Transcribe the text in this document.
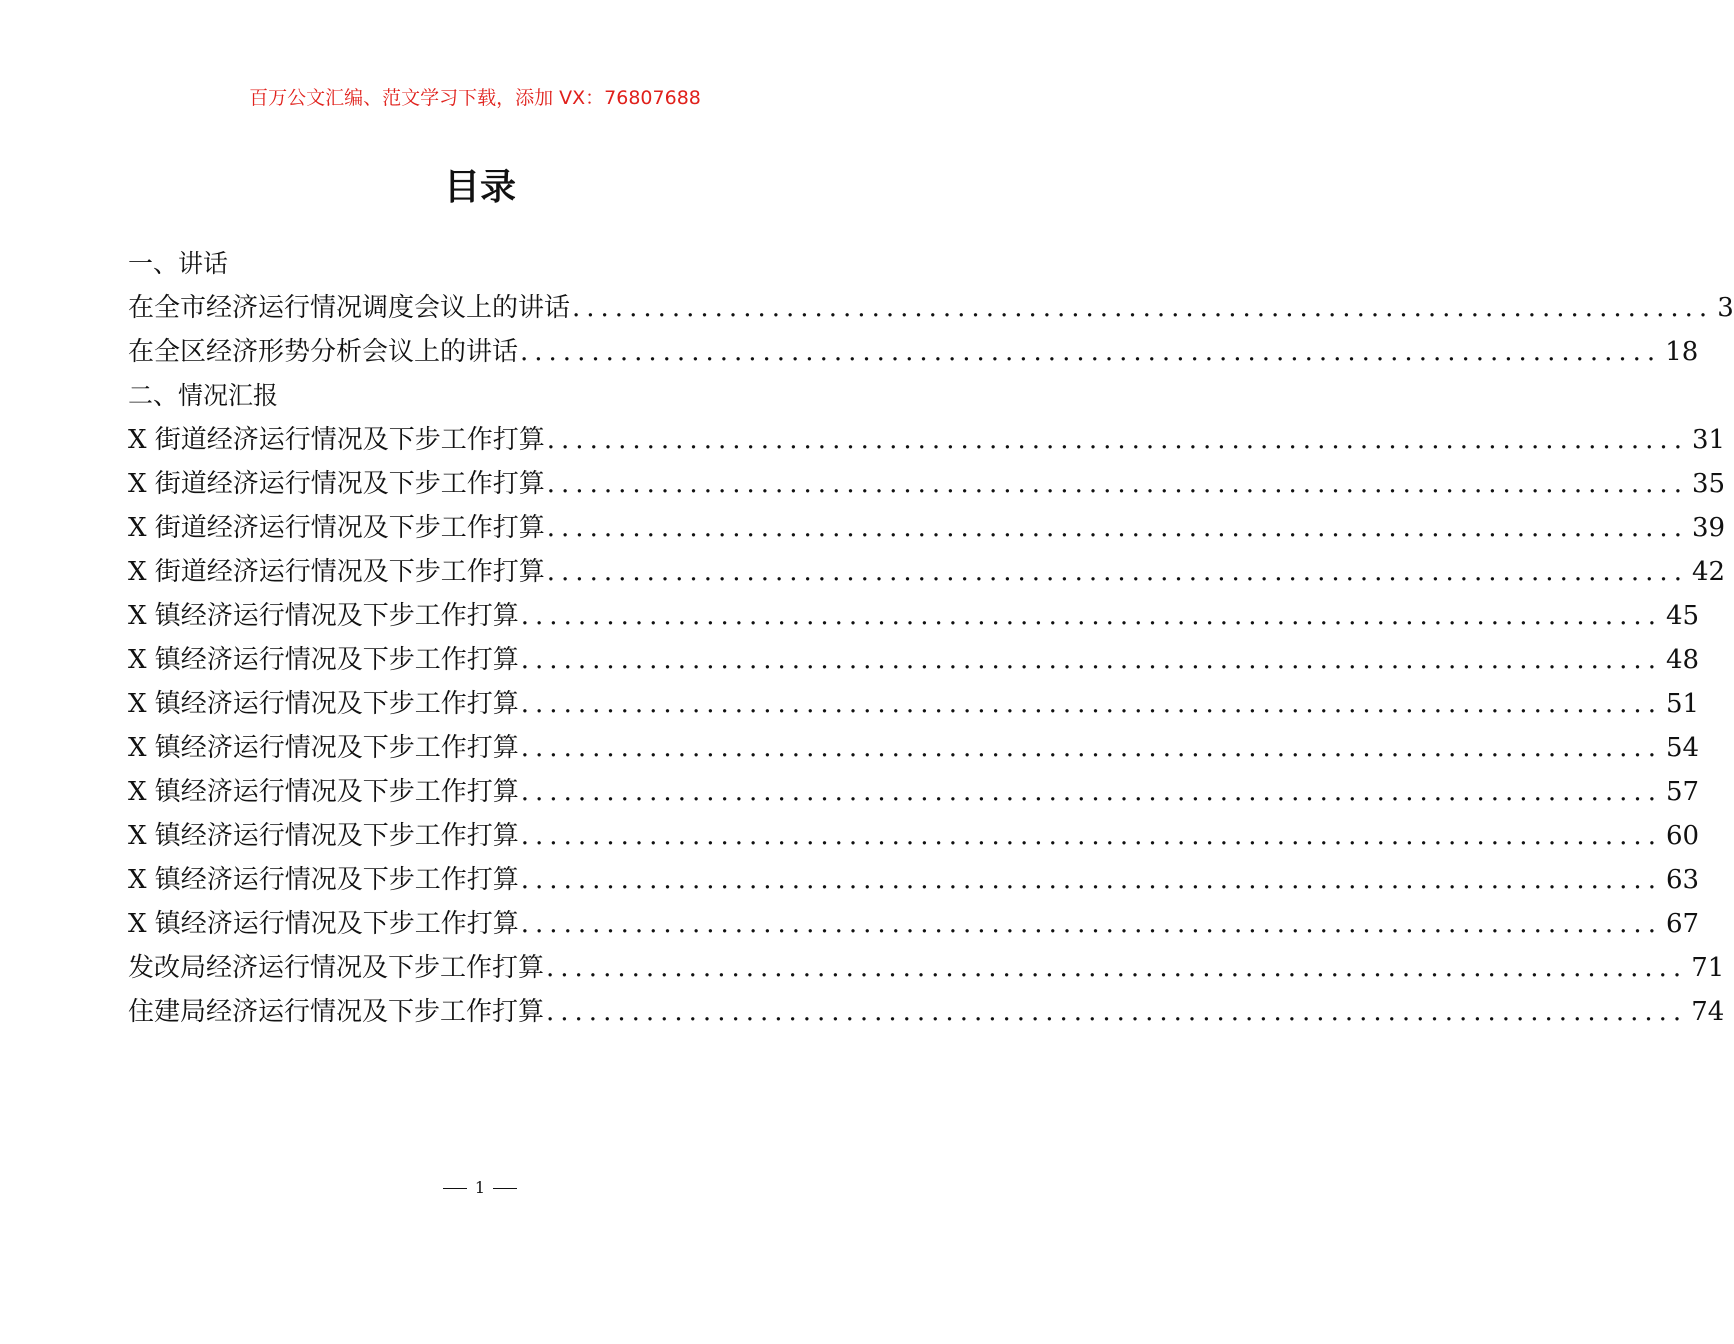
百万公文汇编、范文学习下载，添加 VX：76807688
目录
一、讲话
在全市经济运行情况调度会议上的讲话 ................................................................................ 3
在全区经济形势分析会议上的讲话 ................................................................................ 18
二、情况汇报
X 街道经济运行情况及下步工作打算 ................................................................................ 31
X 街道经济运行情况及下步工作打算 ................................................................................ 35
X 街道经济运行情况及下步工作打算 ................................................................................ 39
X 街道经济运行情况及下步工作打算 ................................................................................ 42
X 镇经济运行情况及下步工作打算 ................................................................................ 45
X 镇经济运行情况及下步工作打算 ................................................................................ 48
X 镇经济运行情况及下步工作打算 ................................................................................ 51
X 镇经济运行情况及下步工作打算 ................................................................................ 54
X 镇经济运行情况及下步工作打算 ................................................................................ 57
X 镇经济运行情况及下步工作打算 ................................................................................ 60
X 镇经济运行情况及下步工作打算 ................................................................................ 63
X 镇经济运行情况及下步工作打算 ................................................................................ 67
发改局经济运行情况及下步工作打算 ................................................................................ 71
住建局经济运行情况及下步工作打算 ................................................................................ 74
1
